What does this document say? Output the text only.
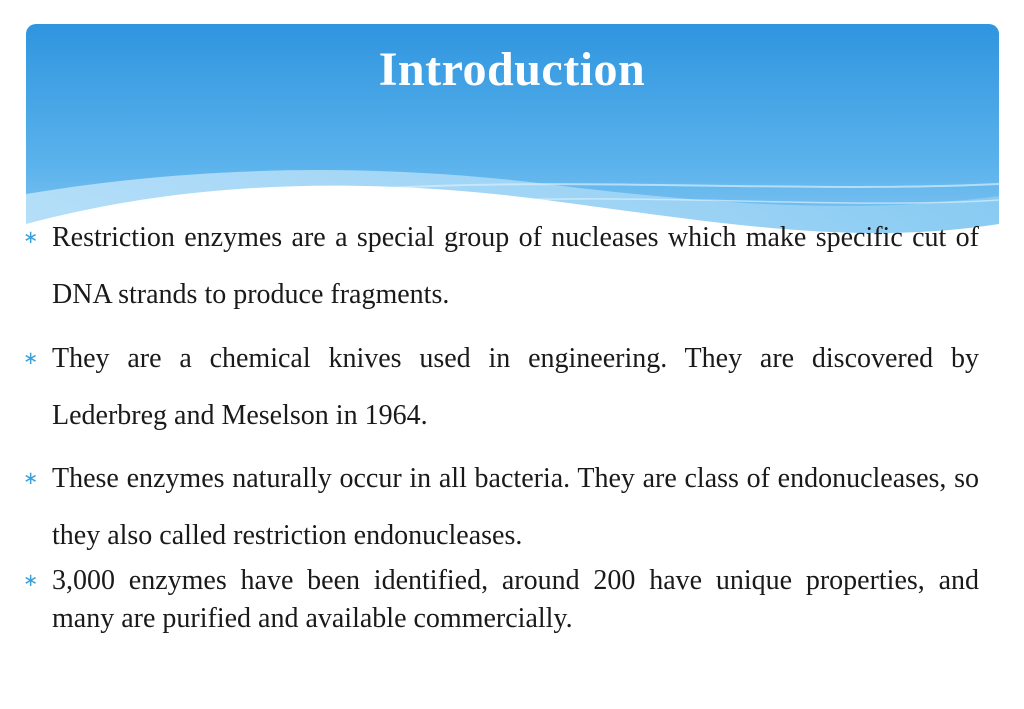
Introduction
∗ Restriction enzymes are a special group of nucleases which make specific cut of DNA strands to produce fragments.
∗ They are a chemical knives used in engineering. They are discovered by Lederbreg and Meselson in 1964.
∗ These enzymes naturally occur in all bacteria. They are class of endonucleases, so they also called restriction endonucleases.
∗ 3,000 enzymes have been identified, around 200 have unique properties, and many are purified and available commercially.
